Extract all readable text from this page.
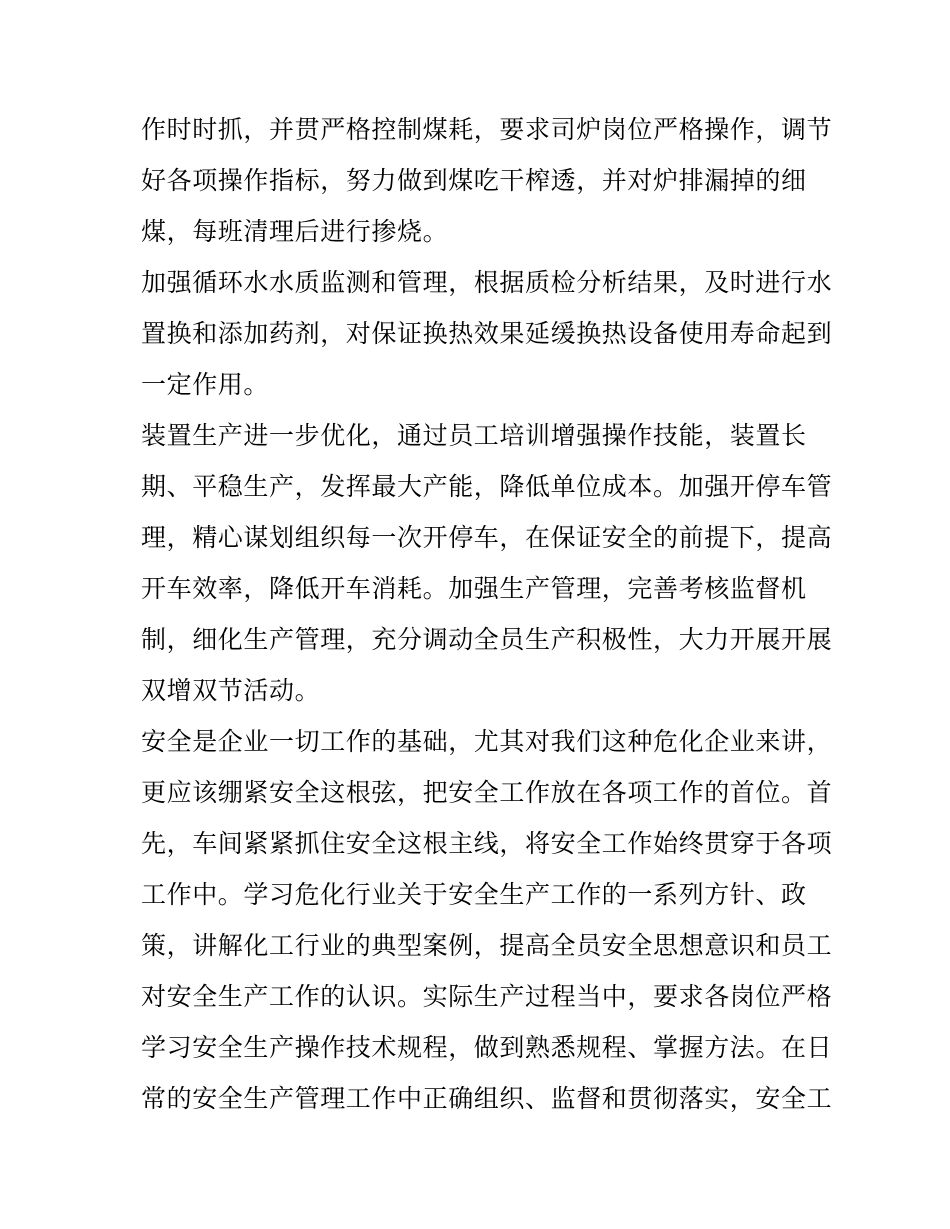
作时时抓，并贯严格控制煤耗，要求司炉岗位严格操作，调节
好各项操作指标，努力做到煤吃干榨透，并对炉排漏掉的细
煤，每班清理后进行掺烧。
加强循环水水质监测和管理，根据质检分析结果，及时进行水
置换和添加药剂，对保证换热效果延缓换热设备使用寿命起到
一定作用。
装置生产进一步优化，通过员工培训增强操作技能，装置长
期、平稳生产，发挥最大产能，降低单位成本。加强开停车管
理，精心谋划组织每一次开停车，在保证安全的前提下，提高
开车效率，降低开车消耗。加强生产管理，完善考核监督机
制，细化生产管理，充分调动全员生产积极性，大力开展开展
双增双节活动。
安全是企业一切工作的基础，尤其对我们这种危化企业来讲，
更应该绷紧安全这根弦，把安全工作放在各项工作的首位。首
先，车间紧紧抓住安全这根主线，将安全工作始终贯穿于各项
工作中。学习危化行业关于安全生产工作的一系列方针、政
策，讲解化工行业的典型案例，提高全员安全思想意识和员工
对安全生产工作的认识。实际生产过程当中，要求各岗位严格
学习安全生产操作技术规程，做到熟悉规程、掌握方法。在日
常的安全生产管理工作中正确组织、监督和贯彻落实，安全工
